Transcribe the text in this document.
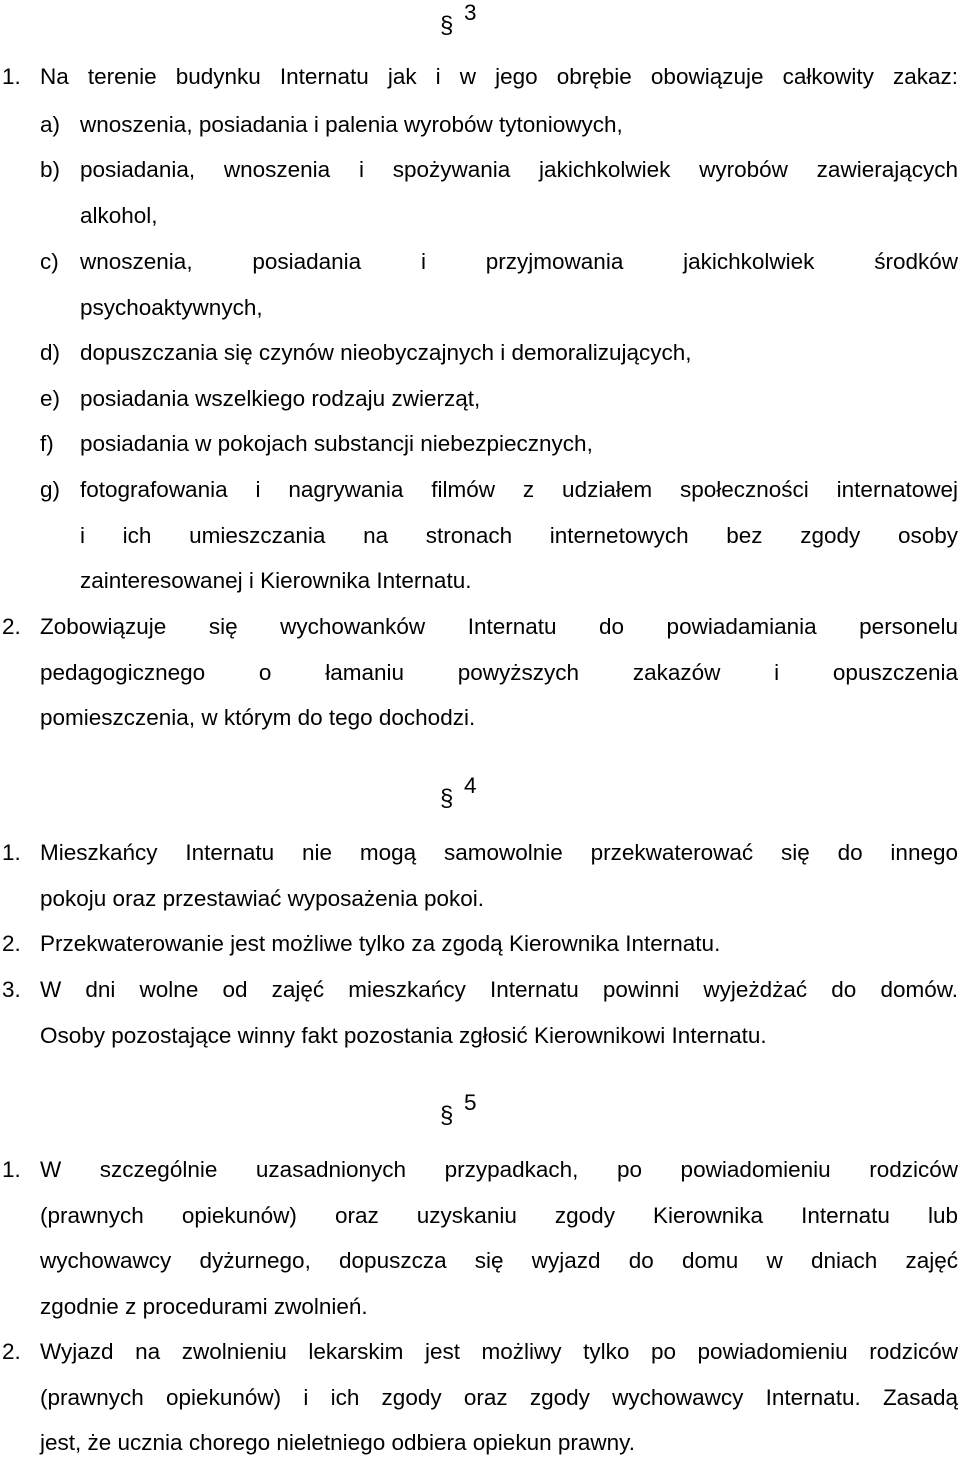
§ 3
1. Na terenie budynku Internatu jak i w jego obrębie obowiązuje całkowity zakaz:
a) wnoszenia, posiadania i palenia wyrobów tytoniowych,
b) posiadania, wnoszenia i spożywania jakichkolwiek wyrobów zawierających
alkohol,
c) wnoszenia, posiadania i przyjmowania jakichkolwiek środków
psychoaktywnych,
d) dopuszczania się czynów nieobyczajnych i demoralizujących,
e) posiadania wszelkiego rodzaju zwierząt,
f) posiadania w pokojach substancji niebezpiecznych,
g) fotografowania i nagrywania filmów z udziałem społeczności internatowej
i ich umieszczania na stronach internetowych bez zgody osoby
zainteresowanej i Kierownika Internatu.
2. Zobowiązuje się wychowanków Internatu do powiadamiania personelu
pedagogicznego o łamaniu powyższych zakazów i opuszczenia
pomieszczenia, w którym do tego dochodzi.
§ 4
1. Mieszkańcy Internatu nie mogą samowolnie przekwaterować się do innego
pokoju oraz przestawiać wyposażenia pokoi.
2. Przekwaterowanie jest możliwe tylko za zgodą Kierownika Internatu.
3. W dni wolne od zajęć mieszkańcy Internatu powinni wyjeżdżać do domów.
Osoby pozostające winny fakt pozostania zgłosić Kierownikowi Internatu.
§ 5
1. W szczególnie uzasadnionych przypadkach, po powiadomieniu rodziców
(prawnych opiekunów) oraz uzyskaniu zgody Kierownika Internatu lub
wychowawcy dyżurnego, dopuszcza się wyjazd do domu w dniach zajęć
zgodnie z procedurami zwolnień.
2. Wyjazd na zwolnieniu lekarskim jest możliwy tylko po powiadomieniu rodziców
(prawnych opiekunów) i ich zgody oraz zgody wychowawcy Internatu. Zasadą
jest, że ucznia chorego nieletniego odbiera opiekun prawny.
